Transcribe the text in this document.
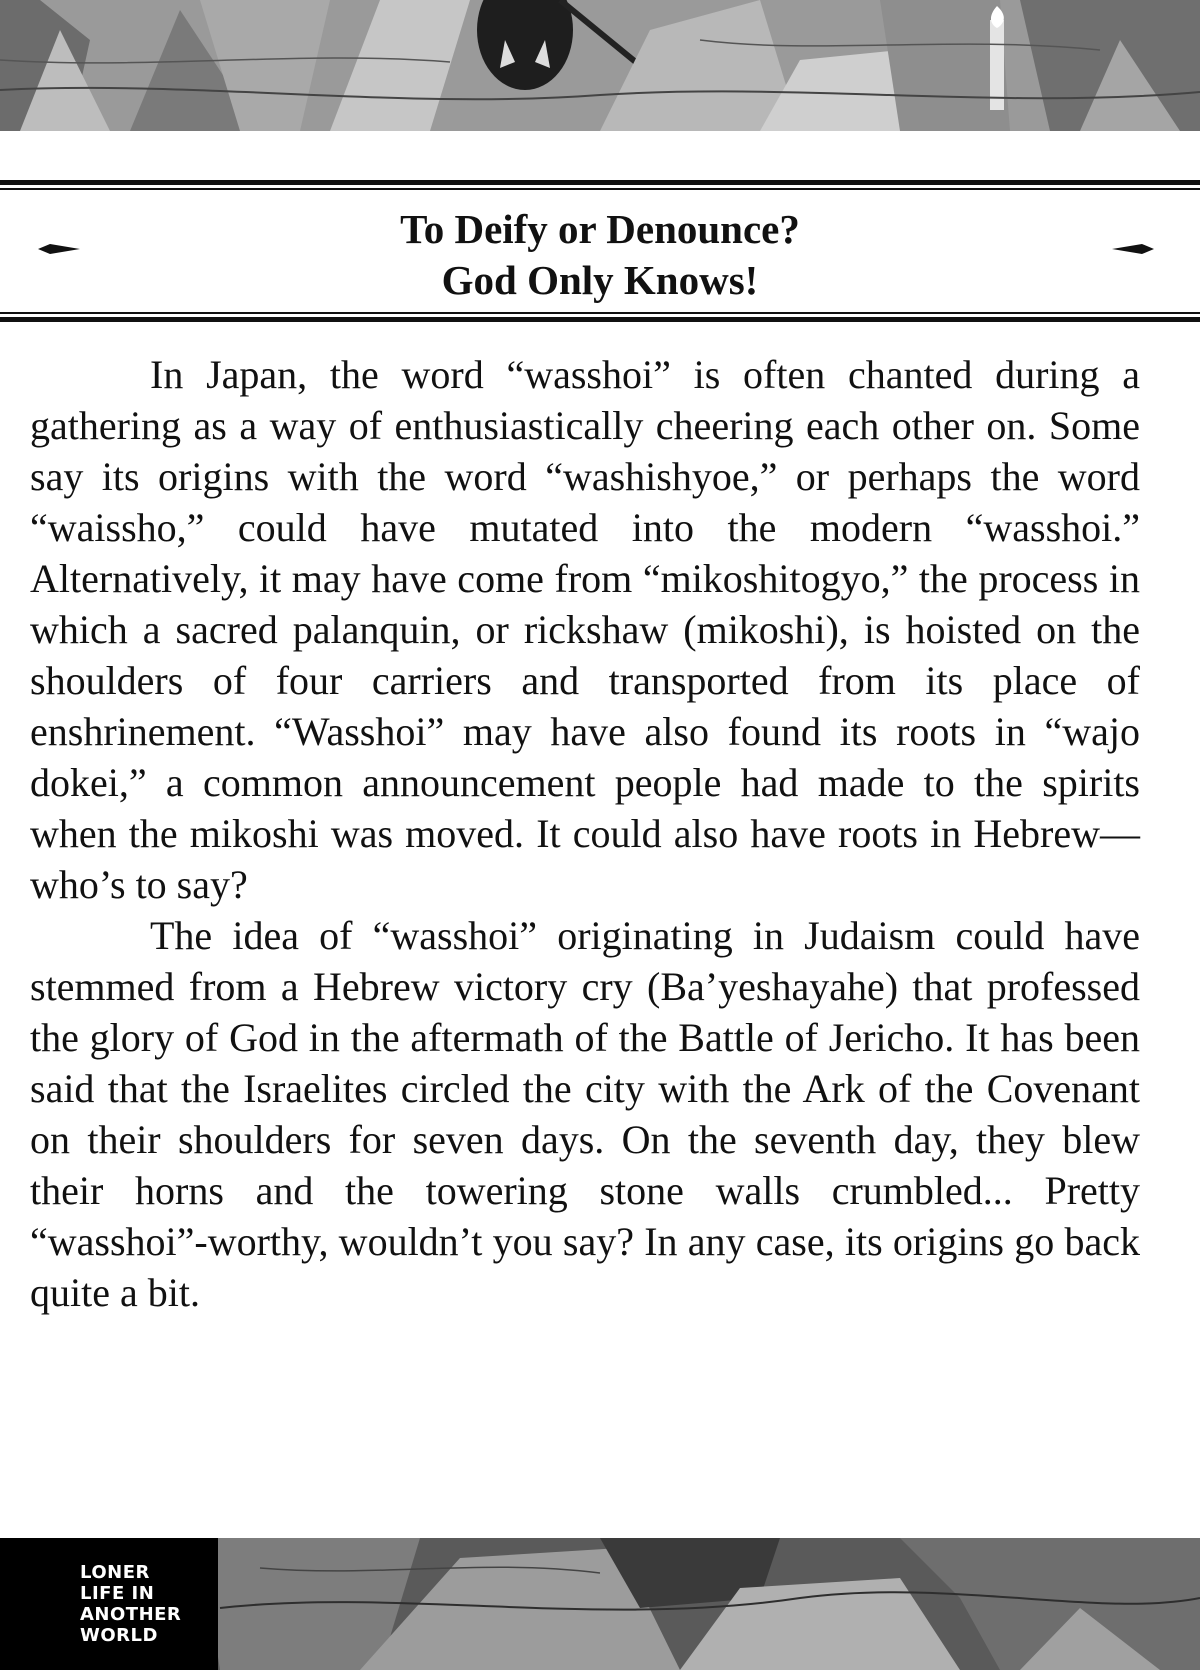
To Deify or Denounce?
God Only Knows!

In Japan, the word “wasshoi” is often chanted during a gathering as a way of enthusiastically cheering each other on. Some say its origins with the word “washishyoe,” or perhaps the word “waissho,” could have mutated into the modern “wasshoi.” Alternatively, it may have come from “mikoshitogyo,” the process in which a sacred palanquin, or rickshaw (mikoshi), is hoisted on the shoulders of four carriers and transported from its place of enshrinement. “Wasshoi” may have also found its roots in “wajo dokei,” a common announcement people had made to the spirits when the mikoshi was moved. It could also have roots in Hebrew—who’s to say?

The idea of “wasshoi” originating in Judaism could have stemmed from a Hebrew victory cry (Ba’yeshayahe) that professed the glory of God in the aftermath of the Battle of Jericho. It has been said that the Israelites circled the city with the Ark of the Covenant on their shoulders for seven days. On the seventh day, they blew their horns and the towering stone walls crumbled... Pretty “wasshoi”-worthy, wouldn’t you say? In any case, its origins go back quite a bit.

LONER
LIFE IN
ANOTHER
WORLD
